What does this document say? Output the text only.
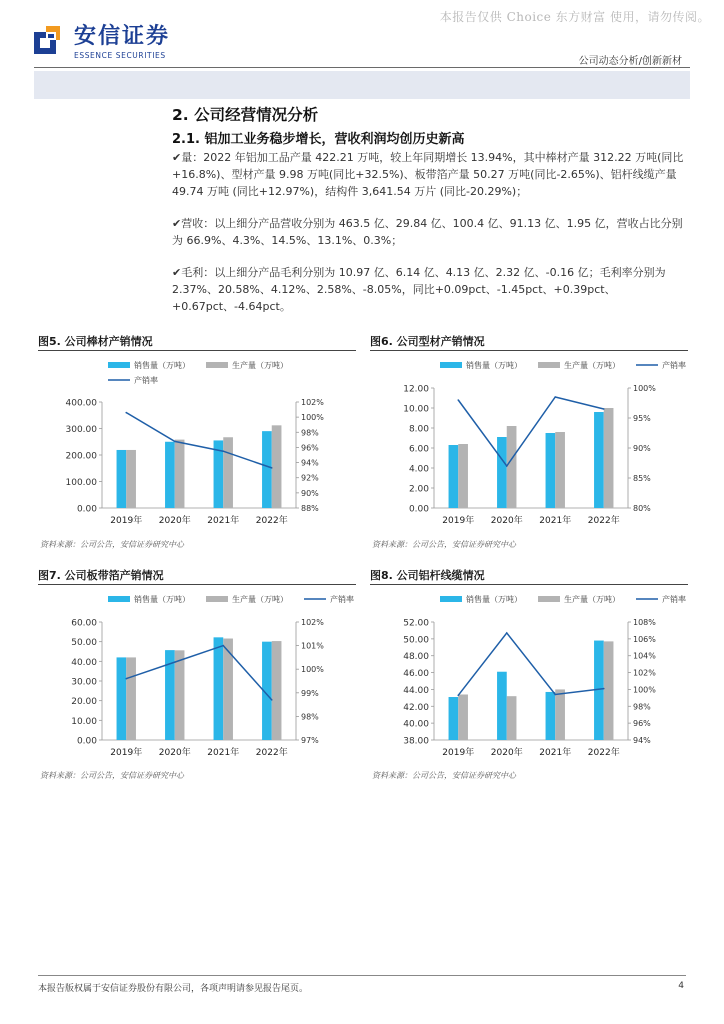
本报告仅供 Choice 东方财富 使用，请勿传阅。
安信证券
ESSENCE SECURITIES
公司动态分析/创新新材
2. 公司经营情况分析
2.1. 铝加工业务稳步增长，营收利润均创历史新高
✔量：2022 年铝加工品产量 422.21 万吨，较上年同期增长 13.94%，其中棒材产量 312.22 万吨(同比+16.8%)、型材产量 9.98 万吨(同比+32.5%)、板带箔产量 50.27 万吨(同比-2.65%)、铝杆线缆产量 49.74 万吨 (同比+12.97%)，结构件 3,641.54 万片 (同比-20.29%)；
✔营收：以上细分产品营收分别为 463.5 亿、29.84 亿、100.4 亿、91.13 亿、1.95 亿，营收占比分别为 66.9%、4.3%、14.5%、13.1%、0.3%；
✔毛利：以上细分产品毛利分别为 10.97 亿、6.14 亿、4.13 亿、2.32 亿、-0.16 亿；毛利率分别为 2.37%、20.58%、4.12%、2.58%、-8.05%，同比+0.09pct、-1.45pct、+0.39pct、+0.67pct、-4.64pct。
图5. 公司棒材产销情况	图6. 公司型材产销情况
图7. 公司板带箔产销情况	图8. 公司铝杆线缆情况
销售量（万吨）	生产量（万吨）
产销率
0.00
100.00
200.00
300.00
400.00
88%
90%
92%
94%
96%
98%
100%
102%
2019年 2020年 2021年 2022年
销售量（万吨）	生产量（万吨）	产销率
0.00
2.00
4.00
6.00
8.00
10.00
12.00
80%
85%
90%
95%
100%
2019年 2020年 2021年 2022年
销售量（万吨）	生产量（万吨）	产销率
0.00
10.00
20.00
30.00
40.00
50.00
60.00
97%
98%
99%
100%
101%
102%
2019年 2020年 2021年 2022年
销售量（万吨）	生产量（万吨）	产销率
38.00
40.00
42.00
44.00
46.00
48.00
50.00
52.00
94%
96%
98%
100%
102%
104%
106%
108%
2019年 2020年 2021年 2022年
资料来源：公司公告，安信证券研究中心	资料来源：公司公告，安信证券研究中心
资料来源：公司公告，安信证券研究中心	资料来源：公司公告，安信证券研究中心
本报告版权属于安信证券股份有限公司，各项声明请参见报告尾页。	4
